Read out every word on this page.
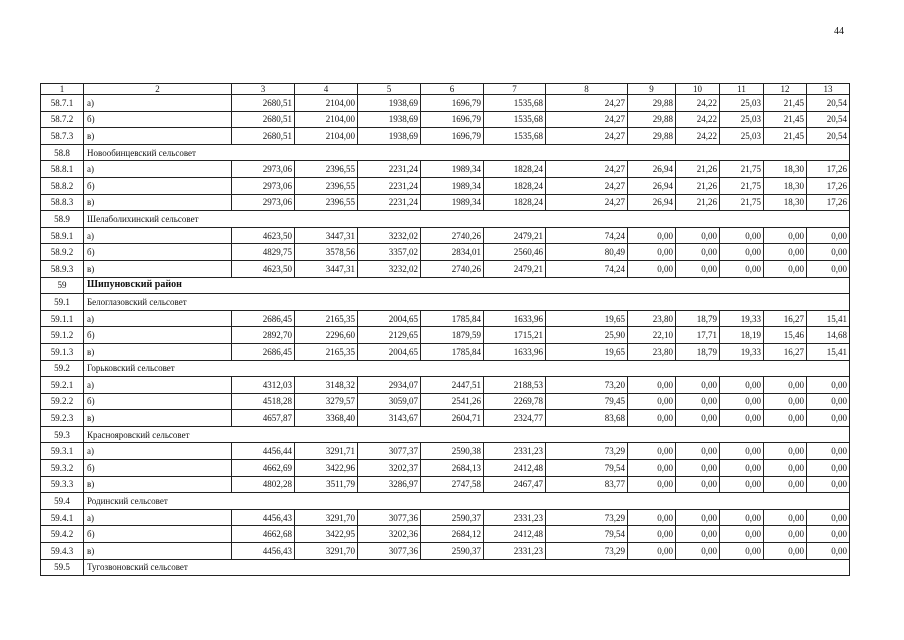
44
1	2	3	4	5	6	7	8	9	10	11	12	13
58.7.1	а)	2680,51	2104,00	1938,69	1696,79	1535,68	24,27	29,88	24,22	25,03	21,45	20,54
58.7.2	б)	2680,51	2104,00	1938,69	1696,79	1535,68	24,27	29,88	24,22	25,03	21,45	20,54
58.7.3	в)	2680,51	2104,00	1938,69	1696,79	1535,68	24,27	29,88	24,22	25,03	21,45	20,54
58.8	Новообинцевский сельсовет											
58.8.1	а)	2973,06	2396,55	2231,24	1989,34	1828,24	24,27	26,94	21,26	21,75	18,30	17,26
58.8.2	б)	2973,06	2396,55	2231,24	1989,34	1828,24	24,27	26,94	21,26	21,75	18,30	17,26
58.8.3	в)	2973,06	2396,55	2231,24	1989,34	1828,24	24,27	26,94	21,26	21,75	18,30	17,26
58.9	Шелаболихинский сельсовет											
58.9.1	а)	4623,50	3447,31	3232,02	2740,26	2479,21	74,24	0,00	0,00	0,00	0,00	0,00
58.9.2	б)	4829,75	3578,56	3357,02	2834,01	2560,46	80,49	0,00	0,00	0,00	0,00	0,00
58.9.3	в)	4623,50	3447,31	3232,02	2740,26	2479,21	74,24	0,00	0,00	0,00	0,00	0,00
59	Шипуновский район											
59.1	Белоглазовский сельсовет											
59.1.1	а)	2686,45	2165,35	2004,65	1785,84	1633,96	19,65	23,80	18,79	19,33	16,27	15,41
59.1.2	б)	2892,70	2296,60	2129,65	1879,59	1715,21	25,90	22,10	17,71	18,19	15,46	14,68
59.1.3	в)	2686,45	2165,35	2004,65	1785,84	1633,96	19,65	23,80	18,79	19,33	16,27	15,41
59.2	Горьковский сельсовет											
59.2.1	а)	4312,03	3148,32	2934,07	2447,51	2188,53	73,20	0,00	0,00	0,00	0,00	0,00
59.2.2	б)	4518,28	3279,57	3059,07	2541,26	2269,78	79,45	0,00	0,00	0,00	0,00	0,00
59.2.3	в)	4657,87	3368,40	3143,67	2604,71	2324,77	83,68	0,00	0,00	0,00	0,00	0,00
59.3	Краснояровский сельсовет											
59.3.1	а)	4456,44	3291,71	3077,37	2590,38	2331,23	73,29	0,00	0,00	0,00	0,00	0,00
59.3.2	б)	4662,69	3422,96	3202,37	2684,13	2412,48	79,54	0,00	0,00	0,00	0,00	0,00
59.3.3	в)	4802,28	3511,79	3286,97	2747,58	2467,47	83,77	0,00	0,00	0,00	0,00	0,00
59.4	Родинский сельсовет											
59.4.1	а)	4456,43	3291,70	3077,36	2590,37	2331,23	73,29	0,00	0,00	0,00	0,00	0,00
59.4.2	б)	4662,68	3422,95	3202,36	2684,12	2412,48	79,54	0,00	0,00	0,00	0,00	0,00
59.4.3	в)	4456,43	3291,70	3077,36	2590,37	2331,23	73,29	0,00	0,00	0,00	0,00	0,00
59.5	Тугозвоновский сельсовет											
